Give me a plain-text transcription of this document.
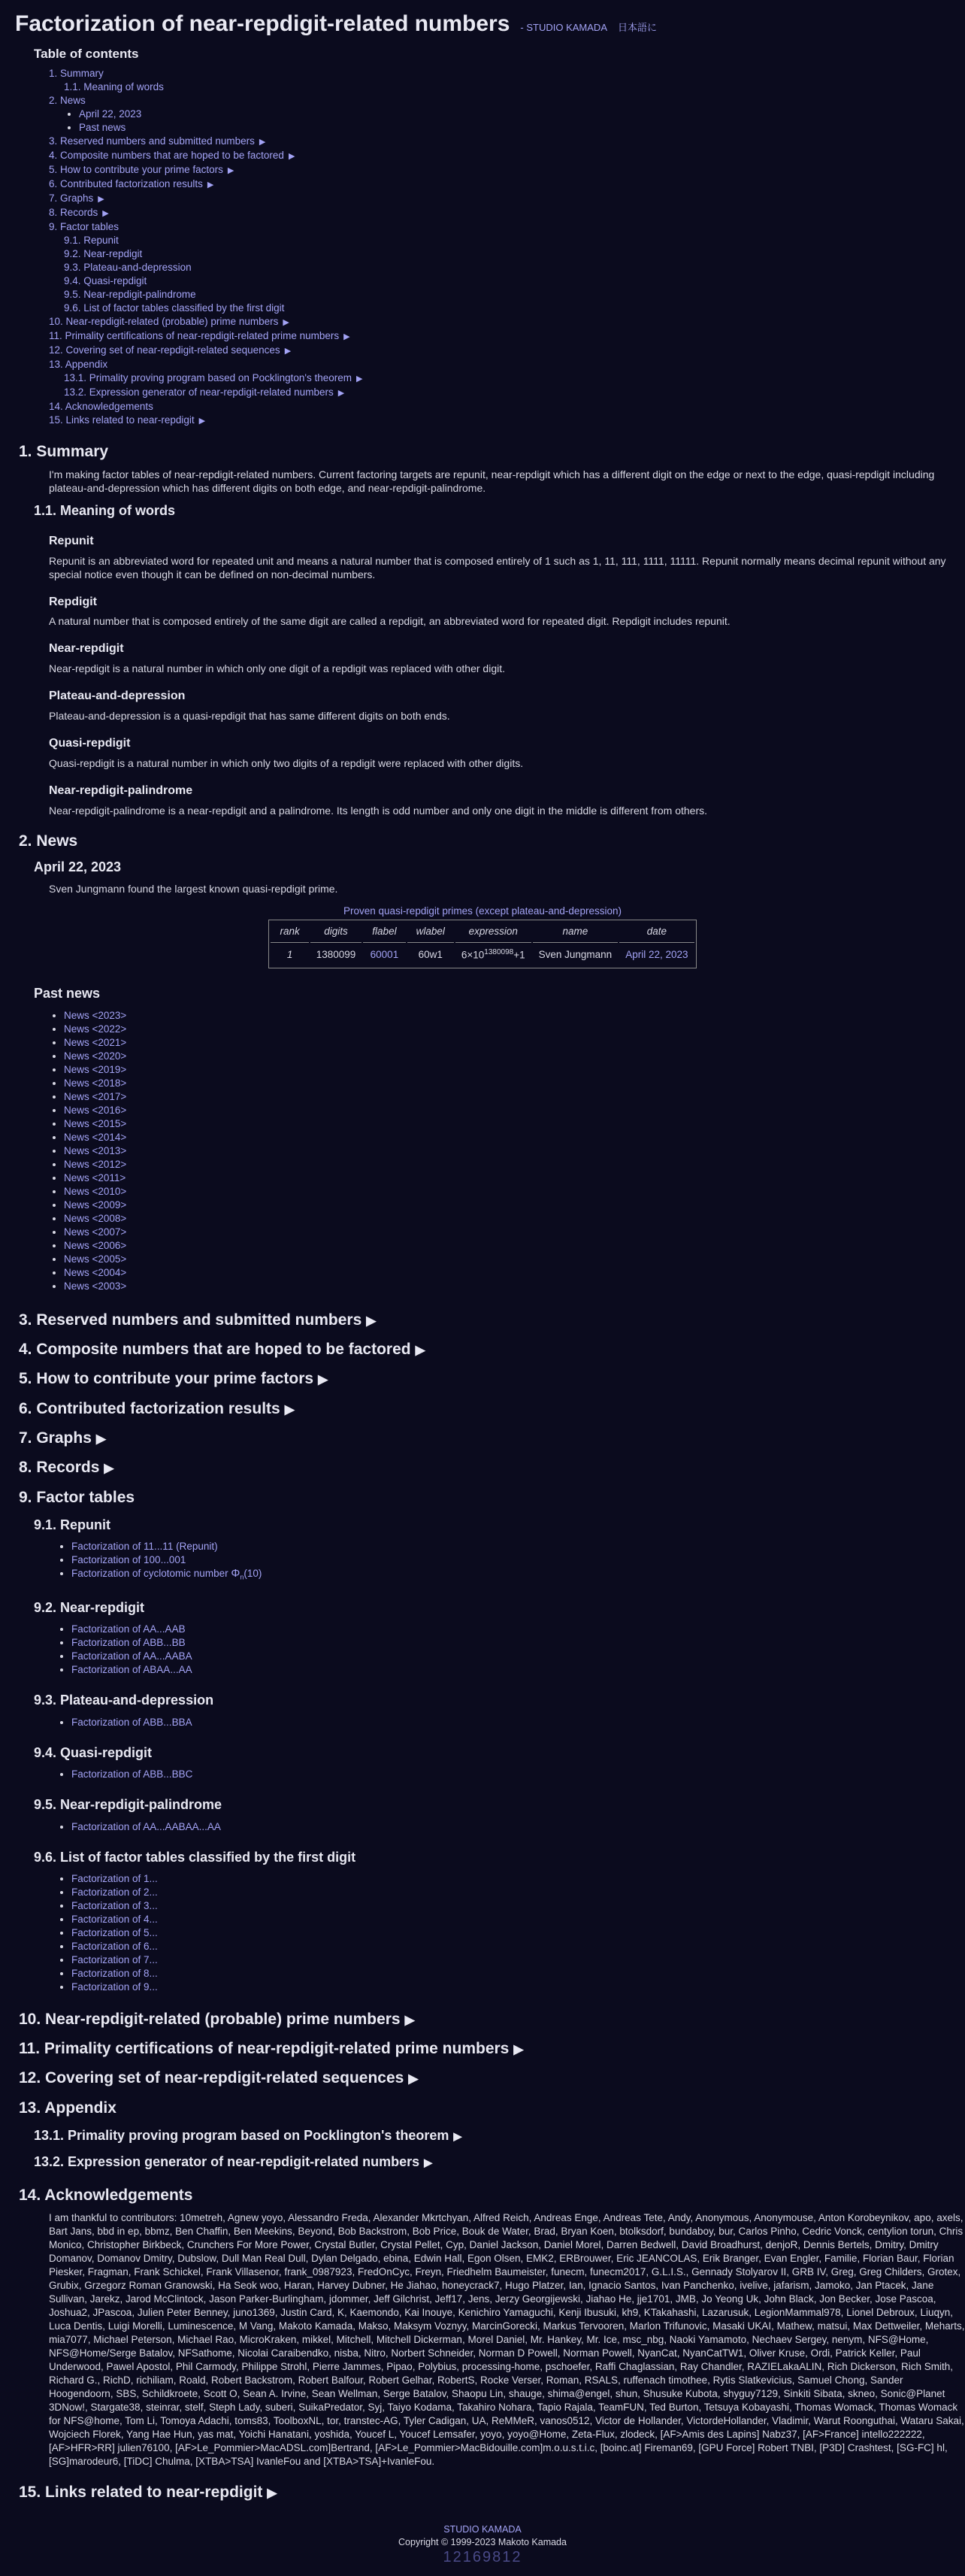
Factorization of near-repdigit-related numbers - STUDIO KAMADA 日本語に
Table of contents
1. Summary
1.1. Meaning of words
2. News
• April 22, 2023
• Past news
3. Reserved numbers and submitted numbers ▶
4. Composite numbers that are hoped to be factored ▶
5. How to contribute your prime factors ▶
6. Contributed factorization results ▶
7. Graphs ▶
8. Records ▶
9. Factor tables
9.1. Repunit
9.2. Near-repdigit
9.3. Plateau-and-depression
9.4. Quasi-repdigit
9.5. Near-repdigit-palindrome
9.6. List of factor tables classified by the first digit
10. Near-repdigit-related (probable) prime numbers ▶
11. Primality certifications of near-repdigit-related prime numbers ▶
12. Covering set of near-repdigit-related sequences ▶
13. Appendix
13.1. Primality proving program based on Pocklington's theorem ▶
13.2. Expression generator of near-repdigit-related numbers ▶
14. Acknowledgements
15. Links related to near-repdigit ▶
1. Summary

I'm making factor tables of near-repdigit-related numbers. Current factoring targets are repunit, near-repdigit which has a different digit on the edge or next to the edge, quasi-repdigit including plateau-and-depression which has different digits on both edge, and near-repdigit-palindrome.

1.1. Meaning of words
Repunit

Repunit is an abbreviated word for repeated unit and means a natural number that is composed entirely of 1 such as 1, 11, 111, 1111, 11111. Repunit normally means decimal repunit without any special notice even though it can be defined on non-decimal numbers.

Repdigit

A natural number that is composed entirely of the same digit are called a repdigit, an abbreviated word for repeated digit. Repdigit includes repunit.

Near-repdigit

Near-repdigit is a natural number in which only one digit of a repdigit was replaced with other digit.

Plateau-and-depression

Plateau-and-depression is a quasi-repdigit that has same different digits on both ends.

Quasi-repdigit

Quasi-repdigit is a natural number in which only two digits of a repdigit were replaced with other digits.

Near-repdigit-palindrome

Near-repdigit-palindrome is a near-repdigit and a palindrome. Its length is odd number and only one digit in the middle is different from others.

2. News
April 22, 2023

Sven Jungmann found the largest known quasi-repdigit prime.

Proven quasi-repdigit primes (except plateau-and-depression)
rank	digits	flabel	wlabel	expression	name	date
1	1380099	60001	60w1	$6\times 10^{1380098}+1$	Sven Jungmann	April 22, 2023
Past news
• News <2023>
• News <2022>
• News <2021>
• News <2020>
• News <2019>
• News <2018>
• News <2017>
• News <2016>
• News <2015>
• News <2014>
• News <2013>
• News <2012>
• News <2011>
• News <2010>
• News <2009>
• News <2008>
• News <2007>
• News <2006>
• News <2005>
• News <2004>
• News <2003>
3. Reserved numbers and submitted numbers ▶
4. Composite numbers that are hoped to be factored ▶
5. How to contribute your prime factors ▶
6. Contributed factorization results ▶
7. Graphs ▶
8. Records ▶
9. Factor tables
9.1. Repunit
• Factorization of 11...11 (Repunit)
• Factorization of 100...001
• Factorization of cyclotomic number $\Phi_n(10)$
9.2. Near-repdigit
• Factorization of AA...AAB
• Factorization of ABB...BB
• Factorization of AA...AABA
• Factorization of ABAA...AA
9.3. Plateau-and-depression
• Factorization of ABB...BBA
9.4. Quasi-repdigit
• Factorization of ABB...BBC
9.5. Near-repdigit-palindrome
• Factorization of AA...AABAA...AA
9.6. List of factor tables classified by the first digit
• Factorization of 1...
• Factorization of 2...
• Factorization of 3...
• Factorization of 4...
• Factorization of 5...
• Factorization of 6...
• Factorization of 7...
• Factorization of 8...
• Factorization of 9...
10. Near-repdigit-related (probable) prime numbers ▶
11. Primality certifications of near-repdigit-related prime numbers ▶
12. Covering set of near-repdigit-related sequences ▶
13. Appendix
13.1. Primality proving program based on Pocklington's theorem ▶
13.2. Expression generator of near-repdigit-related numbers ▶
14. Acknowledgements

I am thankful to contributors: 10metreh, Agnew yoyo, Alessandro Freda, Alexander Mkrtchyan, Alfred Reich, Andreas Enge, Andreas Tete, Andy, Anonymous, Anonymouse, Anton Korobeynikov, apo, axels, Bart Jans, bbd in ep, bbmz, Ben Chaffin, Ben Meekins, Beyond, Bob Backstrom, Bob Price, Bouk de Water, Brad, Bryan Koen, btolksdorf, bundaboy, bur, Carlos Pinho, Cedric Vonck, centylion torun, Chris Monico, Christopher Birkbeck, Crunchers For More Power, Crystal Butler, Crystal Pellet, Cyp, Daniel Jackson, Daniel Morel, Darren Bedwell, David Broadhurst, denjoR, Dennis Bertels, Dmitry, Dmitry Domanov, Domanov Dmitry, Dubslow, Dull Man Real Dull, Dylan Delgado, ebina, Edwin Hall, Egon Olsen, EMK2, ERBrouwer, Eric JEANCOLAS, Erik Branger, Evan Engler, Familie, Florian Baur, Florian Piesker, Fragman, Frank Schickel, Frank Villasenor, frank_0987923, FredOnCyc, Freyn, Friedhelm Baumeister, funecm, funecm2017, G.L.I.S., Gennady Stolyarov II, GRB IV, Greg, Greg Childers, Grotex, Grubix, Grzegorz Roman Granowski, Ha Seok woo, Haran, Harvey Dubner, He Jiahao, honeycrack7, Hugo Platzer, Ian, Ignacio Santos, Ivan Panchenko, ivelive, jafarism, Jamoko, Jan Ptacek, Jane Sullivan, Jarekz, Jarod McClintock, Jason Parker-Burlingham, jdommer, Jeff Gilchrist, Jeff17, Jens, Jerzy Georgijewski, Jiahao He, jje1701, JMB, Jo Yeong Uk, John Black, Jon Becker, Jose Pascoa, Joshua2, JPascoa, Julien Peter Benney, juno1369, Justin Card, K, Kaemondo, Kai Inouye, Kenichiro Yamaguchi, Kenji Ibusuki, kh9, KTakahashi, Lazarusuk, LegionMammal978, Lionel Debroux, Liuqyn, Luca Dentis, Luigi Morelli, Luminescence, M Vang, Makoto Kamada, Makso, Maksym Voznyy, MarcinGorecki, Markus Tervooren, Marlon Trifunovic, Masaki UKAI, Mathew, matsui, Max Dettweiler, Meharts, mia7077, Michael Peterson, Michael Rao, MicroKraken, mikkel, Mitchell, Mitchell Dickerman, Morel Daniel, Mr. Hankey, Mr. Ice, msc_nbg, Naoki Yamamoto, Nechaev Sergey, nenym, NFS@Home, NFS@Home/Serge Batalov, NFSathome, Nicolai Caraibendko, nisba, Nitro, Norbert Schneider, Norman D Powell, Norman Powell, NyanCat, NyanCatTW1, Oliver Kruse, Ordi, Patrick Keller, Paul Underwood, Pawel Apostol, Phil Carmody, Philippe Strohl, Pierre Jammes, Pipao, Polybius, processing-home, pschoefer, Raffi Chaglassian, Ray Chandler, RAZIELakaALIN, Rich Dickerson, Rich Smith, Richard G., RichD, richiliam, Roald, Robert Backstrom, Robert Balfour, Robert Gelhar, RobertS, Rocke Verser, Roman, RSALS, ruffenach timothee, Rytis Slatkevicius, Samuel Chong, Sander Hoogendoorn, SBS, Schildkroete, Scott O, Sean A. Irvine, Sean Wellman, Serge Batalov, Shaopu Lin, shauge, shima@engel, shun, Shusuke Kubota, shyguy7129, Sinkiti Sibata, skneo, Sonic@Planet 3DNow!, Stargate38, steinrar, stelf, Steph Lady, suberi, SuikaPredator, Syj, Taiyo Kodama, Takahiro Nohara, Tapio Rajala, TeamFUN, Ted Burton, Tetsuya Kobayashi, Thomas Womack, Thomas Womack for NFS@home, Tom Li, Tomoya Adachi, toms83, ToolboxNL, tor, transtec-AG, Tyler Cadigan, UA, ReMMeR, vanos0512, Victor de Hollander, VictordeHollander, Vladimir, Warut Roonguthai, Wataru Sakai, Wojciech Florek, Yang Hae Hun, yas mat, Yoichi Hanatani, yoshida, Youcef L, Youcef Lemsafer, yoyo, yoyo@Home, Zeta-Flux, zlodeck, [AF>Amis des Lapins] Nabz37, [AF>France] intello222222, [AF>HFR>RR] julien76100, [AF>Le_Pommier>MacADSL.com]Bertrand, [AF>Le_Pommier>MacBidouille.com]m.o.u.s.t.i.c, [boinc.at] Fireman69, [GPU Force] Robert TNBI, [P3D] Crashtest, [SG-FC] hl, [SG]marodeur6, [TiDC] Chulma, [XTBA>TSA] IvanleFou and [XTBA>TSA]+IvanleFou.

15. Links related to near-repdigit ▶
STUDIO KAMADA
Copyright © 1999-2023 Makoto Kamada
12169812
